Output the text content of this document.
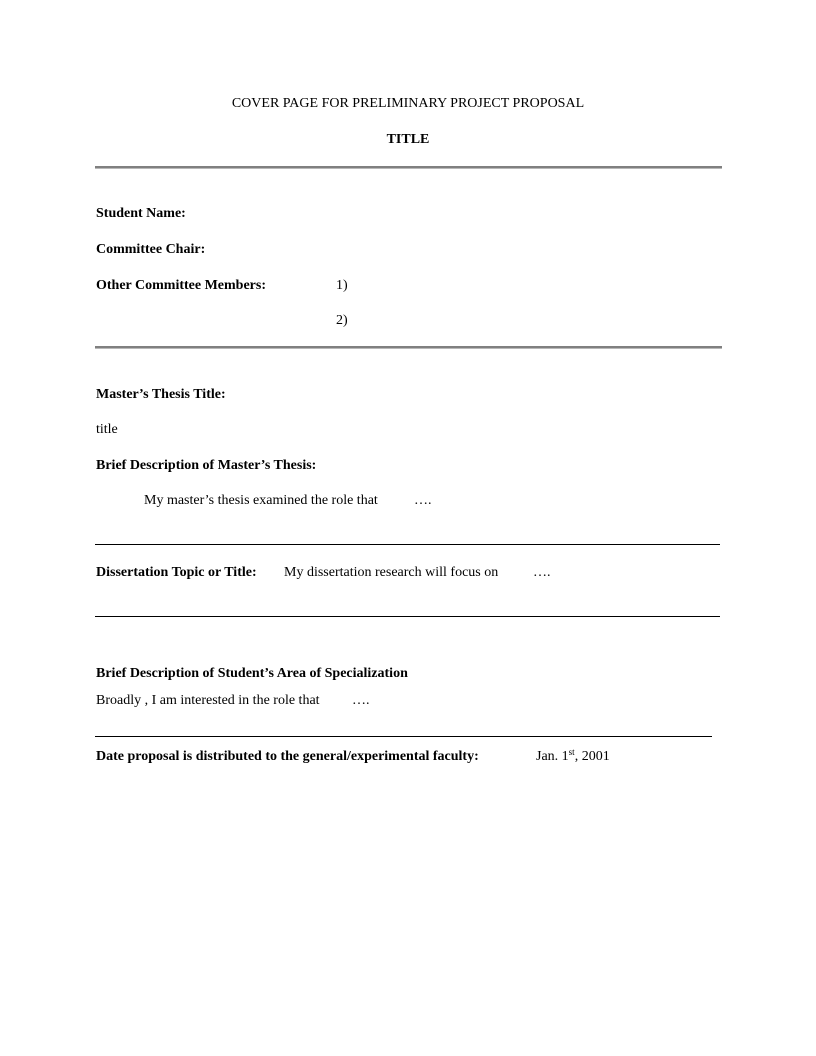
COVER PAGE FOR PRELIMINARY PROJECT PROPOSAL
TITLE
Student Name:
Committee Chair:
Other Committee Members:	1)
2)
Master’s Thesis Title:
title
Brief Description of Master’s Thesis:
My master’s thesis examined the role that	….
Dissertation Topic or Title: My dissertation research will focus on ….
Brief Description of Student’s Area of Specialization
Broadly , I am interested in the role that ….
Date proposal is distributed to the general/experimental faculty:	Jan. 1st, 2001
